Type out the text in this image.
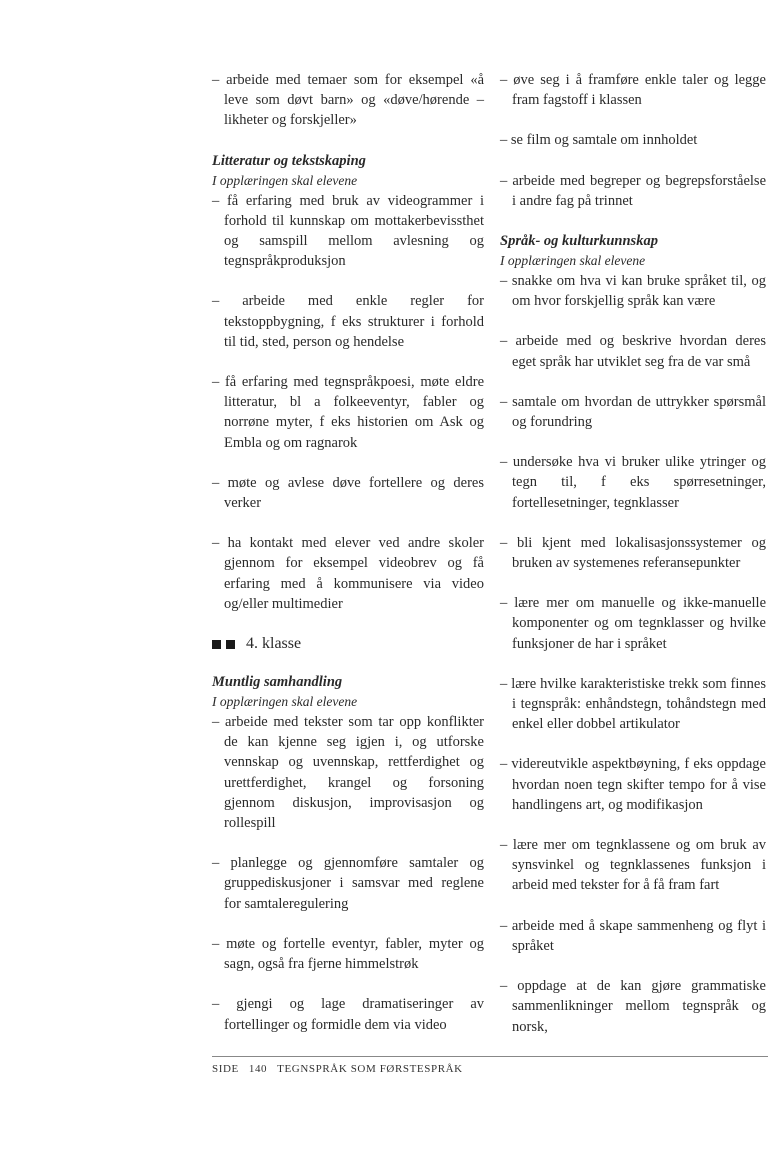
– arbeide med temaer som for eksempel «å leve som døvt barn» og «døve/hørende – likheter og forskjeller»
Litteratur og tekstskaping
I opplæringen skal elevene
– få erfaring med bruk av videogrammer i forhold til kunnskap om mottakerbevissthet og samspill mellom avlesning og tegnspråkproduksjon
– arbeide med enkle regler for tekstoppbygning, f eks strukturer i forhold til tid, sted, person og hendelse
– få erfaring med tegnspråkpoesi, møte eldre litteratur, bl a folkeeventyr, fabler og norrøne myter, f eks historien om Ask og Embla og om ragnarok
– møte og avlese døve fortellere og deres verker
– ha kontakt med elever ved andre skoler gjennom for eksempel videobrev og få erfaring med å kommunisere via video og/eller multimedier
4. klasse
Muntlig samhandling
I opplæringen skal elevene
– arbeide med tekster som tar opp konflikter de kan kjenne seg igjen i, og utforske vennskap og uvennskap, rettferdighet og urettferdighet, krangel og forsoning gjennom diskusjon, improvisasjon og rollespill
– planlegge og gjennomføre samtaler og gruppediskusjoner i samsvar med reglene for samtaleregulering
– møte og fortelle eventyr, fabler, myter og sagn, også fra fjerne himmelstrøk
– gjengi og lage dramatiseringer av fortellinger og formidle dem via video
– øve seg i å framføre enkle taler og legge fram fagstoff i klassen
– se film og samtale om innholdet
– arbeide med begreper og begrepsforståelse i andre fag på trinnet
Språk- og kulturkunnskap
I opplæringen skal elevene
– snakke om hva vi kan bruke språket til, og om hvor forskjellig språk kan være
– arbeide med og beskrive hvordan deres eget språk har utviklet seg fra de var små
– samtale om hvordan de uttrykker spørsmål og forundring
– undersøke hva vi bruker ulike ytringer og tegn til, f eks spørresetninger, fortellesetninger, tegnklasser
– bli kjent med lokalisasjonssystemer og bruken av systemenes referansepunkter
– lære mer om manuelle og ikke-manuelle komponenter og om tegnklasser og hvilke funksjoner de har i språket
– lære hvilke karakteristiske trekk som finnes i tegnspråk: enhåndstegn, tohåndstegn med enkel eller dobbel artikulator
– videreutvikle aspektbøyning, f eks oppdage hvordan noen tegn skifter tempo for å vise handlingens art, og modifikasjon
– lære mer om tegnklassene og om bruk av synsvinkel og tegnklassenes funksjon i arbeid med tekster for å få fram fart
– arbeide med å skape sammenheng og flyt i språket
– oppdage at de kan gjøre grammatiske sammenlikninger mellom tegnspråk og norsk,
SIDE 140 TEGNSPRÅK SOM FØRSTESPRÅK
